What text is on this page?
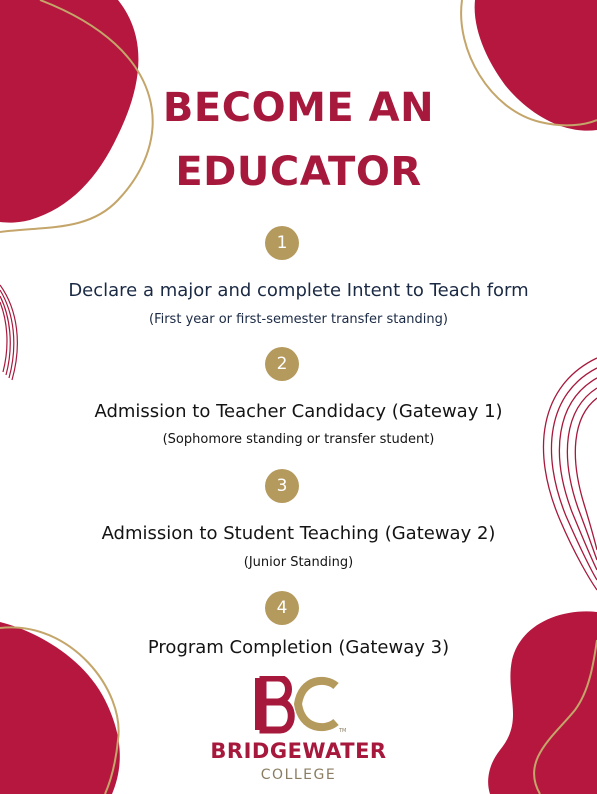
BECOME AN
EDUCATOR
1
Declare a major and complete Intent to Teach form
(First year or first-semester transfer standing)
2
Admission to Teacher Candidacy (Gateway 1)
(Sophomore standing or transfer student)
3
Admission to Student Teaching (Gateway 2)
(Junior Standing)
4
Program Completion (Gateway 3)
TM
BRIDGEWATER
COLLEGE
